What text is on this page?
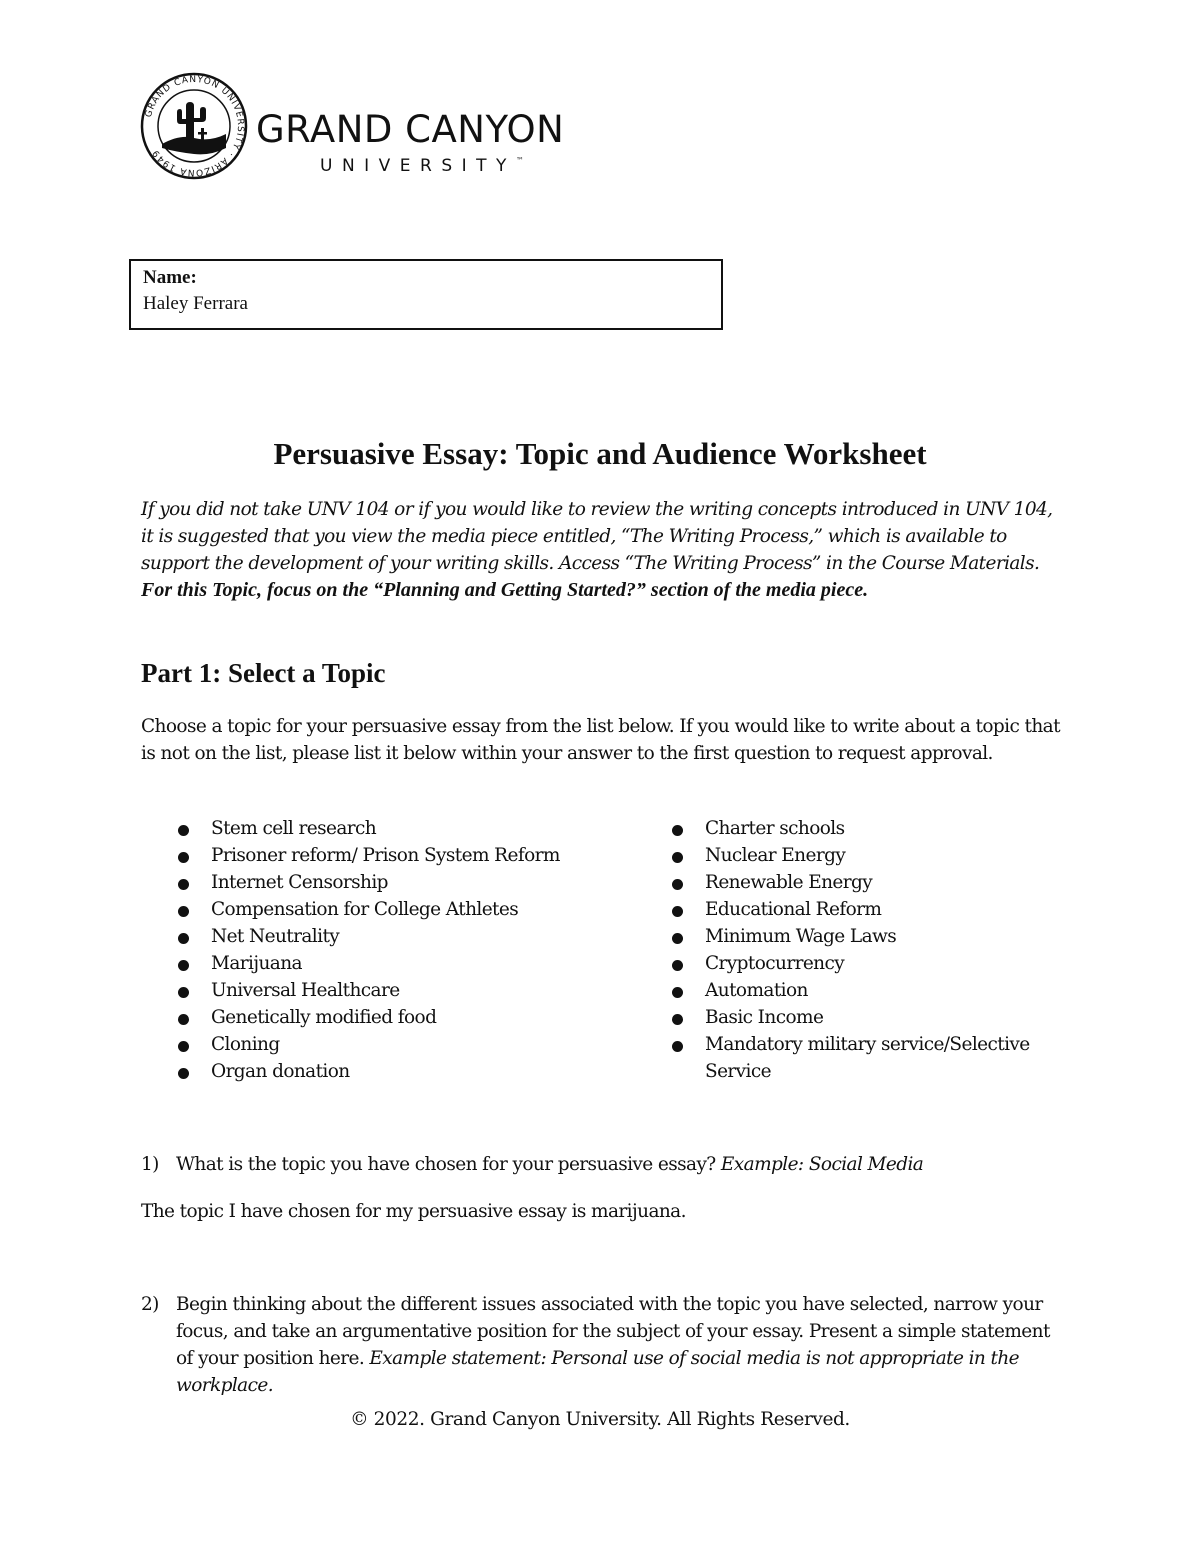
GRAND CANYON UNIVERSITY · ARIZONA 1949
GRAND CANYON
UNIVERSITY™
Name:
Haley Ferrara
Persuasive Essay: Topic and Audience Worksheet
If you did not take UNV 104 or if you would like to review the writing concepts introduced in UNV 104, it is suggested that you view the media piece entitled, “The Writing Process,” which is available to support the development of your writing skills. Access “The Writing Process” in the Course Materials. For this Topic, focus on the “Planning and Getting Started?” section of the media piece.
Part 1: Select a Topic
Choose a topic for your persuasive essay from the list below. If you would like to write about a topic that is not on the list, please list it below within your answer to the first question to request approval.
Stem cell research
Prisoner reform/ Prison System Reform
Internet Censorship
Compensation for College Athletes
Net Neutrality
Marijuana
Universal Healthcare
Genetically modified food
Cloning
Organ donation
Charter schools
Nuclear Energy
Renewable Energy
Educational Reform
Minimum Wage Laws
Cryptocurrency
Automation
Basic Income
Mandatory military service/Selective Service
1) What is the topic you have chosen for your persuasive essay? Example: Social Media
The topic I have chosen for my persuasive essay is marijuana.
2) Begin thinking about the different issues associated with the topic you have selected, narrow your focus, and take an argumentative position for the subject of your essay. Present a simple statement of your position here. Example statement: Personal use of social media is not appropriate in the workplace.
© 2022. Grand Canyon University. All Rights Reserved.
